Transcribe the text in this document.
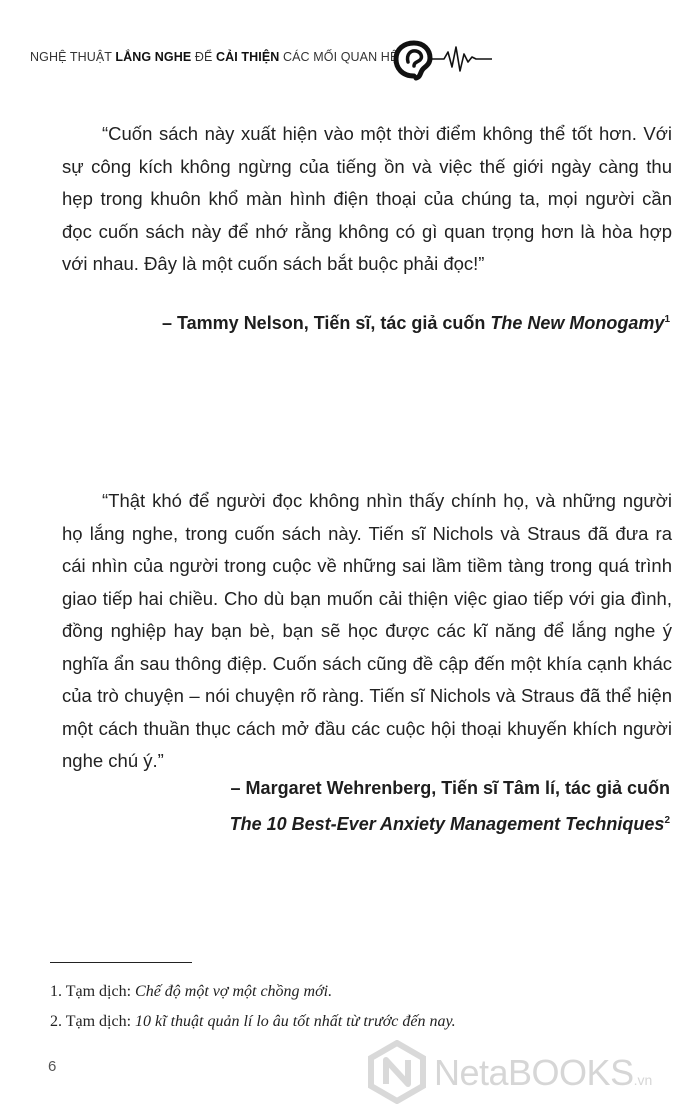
NGHỆ THUẬT LẮNG NGHE ĐỂ CẢI THIỆN CÁC MỐI QUAN HỆ

“Cuốn sách này xuất hiện vào một thời điểm không thể tốt hơn. Với sự công kích không ngừng của tiếng ồn và việc thế giới ngày càng thu hẹp trong khuôn khổ màn hình điện thoại của chúng ta, mọi người cần đọc cuốn sách này để nhớ rằng không có gì quan trọng hơn là hòa hợp với nhau. Đây là một cuốn sách bắt buộc phải đọc!”

– Tammy Nelson, Tiến sĩ, tác giả cuốn The New Monogamy$^1$

“Thật khó để người đọc không nhìn thấy chính họ, và những người họ lắng nghe, trong cuốn sách này. Tiến sĩ Nichols và Straus đã đưa ra cái nhìn của người trong cuộc về những sai lầm tiềm tàng trong quá trình giao tiếp hai chiều. Cho dù bạn muốn cải thiện việc giao tiếp với gia đình, đồng nghiệp hay bạn bè, bạn sẽ học được các kĩ năng để lắng nghe ý nghĩa ẩn sau thông điệp. Cuốn sách cũng đề cập đến một khía cạnh khác của trò chuyện – nói chuyện rõ ràng. Tiến sĩ Nichols và Straus đã thể hiện một cách thuần thục cách mở đầu các cuộc hội thoại khuyến khích người nghe chú ý.”

– Margaret Wehrenberg, Tiến sĩ Tâm lí, tác giả cuốn
The 10 Best-Ever Anxiety Management Techniques$^2$
1. Tạm dịch: Chế độ một vợ một chồng mới.
2. Tạm dịch: 10 kĩ thuật quản lí lo âu tốt nhất từ trước đến nay.
6	NetaBOOKS.vn
